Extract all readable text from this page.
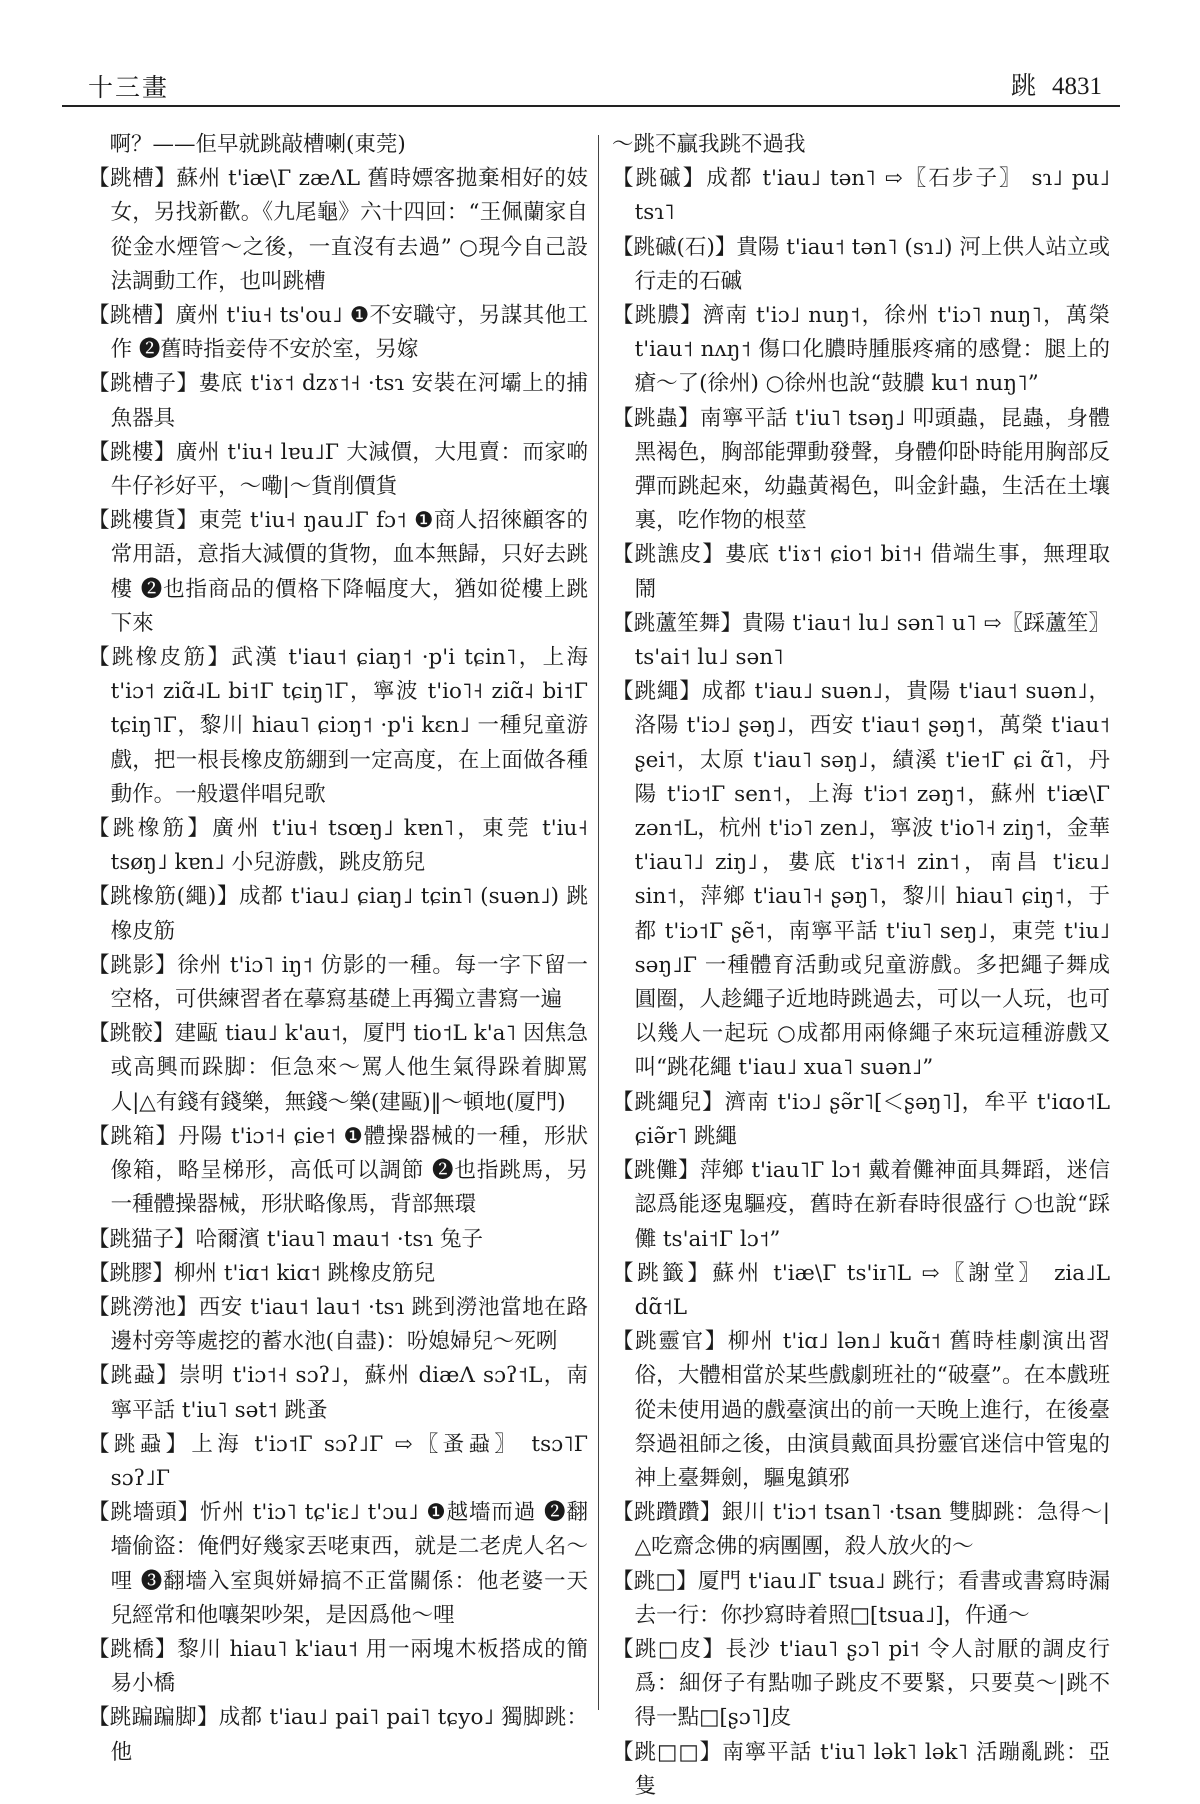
十三畫	跳 4831

　啊？——佢早就跳敲槽喇(東莞)

【跳槽】蘇州 t'iæ\Г zæɅL 舊時嫖客拋棄相好的妓女，另找新歡。《九尾龜》六十四回：“王佩蘭家自從金水煙管～之後，一直沒有去過” ○現今自己設法調動工作，也叫跳槽

【跳槽】廣州 t'iu˧ ts'ou˩ ❶不安職守，另謀其他工作 ❷舊時指妾侍不安於室，另嫁

【跳槽子】婁底 t'iɤ˦ dzɤ˦˧ ·tsɿ 安裝在河壩上的捕魚器具

【跳樓】廣州 t'iu˧ lɐu˩Г 大減價，大甩賣：而家啲牛仔衫好平，～嘞|～貨削價貨

【跳樓貨】東莞 t'iu˧ ŋau˩Г fɔ˦ ❶商人招徠顧客的常用語，意指大減價的貨物，血本無歸，只好去跳樓 ❷也指商品的價格下降幅度大，猶如從樓上跳下來

【跳橡皮筋】武漢 t'iau˦ ɕiaŋ˦ ·p'i tɕin˥，上海 t'iɔ˦ ziɑ̃˨L bi˦Г tɕiŋ˥Г，寧波 t'io˥˧ ziɑ̃˨ bi˦Г tɕiŋ˥Г，黎川 hiau˥ ɕiɔŋ˦ ·p'i kɛn˩ 一種兒童游戲，把一根長橡皮筋綳到一定高度，在上面做各種動作。一般還伴唱兒歌

【跳橡筋】廣州 t'iu˧ tsœŋ˩ kɐn˥，東莞 t'iu˧ tsøŋ˩ kɐn˩ 小兒游戲，跳皮筋兒

【跳橡筋(繩)】成都 t'iau˩ ɕiaŋ˩ tɕin˥ (suən˩) 跳橡皮筋

【跳影】徐州 t'iɔ˥ iŋ˦ 仿影的一種。每一字下留一空格，可供練習者在摹寫基礎上再獨立書寫一遍

【跳骹】建甌 tiau˩ k'au˦，厦門 tio˦L k'a˥ 因焦急或高興而跺脚：佢急來～罵人他生氣得跺着脚罵人|△有錢有錢樂，無錢～樂(建甌)‖～頓地(厦門)

【跳箱】丹陽 t'iɔ˦˧ ɕie˦ ❶體操器械的一種，形狀像箱，略呈梯形，高低可以調節 ❷也指跳馬，另一種體操器械，形狀略像馬，背部無環

【跳猫子】哈爾濱 t'iau˥ mau˦ ·tsɿ 兔子

【跳膠】柳州 t'iɑ˦ kiɑ˦ 跳橡皮筋兒

【跳澇池】西安 t'iau˦ lau˦ ·tsɿ 跳到澇池當地在路邊村旁等處挖的蓄水池(自盡)：吩媳婦兒～死咧

【跳蝨】崇明 t'iɔ˦˧ sɔʔ˩，蘇州 diæɅ sɔʔ˦L，南寧平話 t'iu˥ sət˦ 跳蚤

【跳蝨】上海 t'iɔ˦Г sɔʔ˩Г ⇨〖蚤蝨〗 tsɔ˥Г sɔʔ˩Г

【跳墻頭】忻州 t'iɔ˥ tɕ'iɛ˩ t'ɔu˩ ❶越墻而過 ❷翻墻偷盜：俺們好幾家丟咾東西，就是二老虎人名～哩 ❸翻墻入室與姘婦搞不正當關係：他老婆一天兒經常和他嚷架吵架，是因爲他～哩

【跳橋】黎川 hiau˥ k'iau˦ 用一兩塊木板搭成的簡易小橋

【跳蹁蹁脚】成都 t'iau˩ pai˥ pai˥ tɕyo˩ 獨脚跳：他

～跳不贏我跳不過我

【跳磩】成都 t'iau˩ tən˥ ⇨〖石步子〗 sɿ˩ pu˩ tsɿ˥

【跳磩(石)】貴陽 t'iau˦ tən˥ (sɿ˩) 河上供人站立或行走的石磩

【跳膿】濟南 t'iɔ˩ nuŋ˦，徐州 t'iɔ˥ nuŋ˥，萬榮 t'iau˦ nʌŋ˦ 傷口化膿時腫脹疼痛的感覺：腿上的瘡～了(徐州) ○徐州也說“鼓膿 ku˦ nuŋ˥”

【跳蟲】南寧平話 t'iu˥ tsəŋ˩ 叩頭蟲，昆蟲，身體黑褐色，胸部能彈動發聲，身體仰卧時能用胸部反彈而跳起來，幼蟲黃褐色，叫金針蟲，生活在土壤裏，吃作物的根莖

【跳譙皮】婁底 t'iɤ˦ ɕio˦ bi˦˧ 借端生事，無理取鬧

【跳蘆笙舞】貴陽 t'iau˦ lu˩ sən˥ u˥ ⇨〖踩蘆笙〗 ts'ai˦ lu˩ sən˥

【跳繩】成都 t'iau˩ suən˩，貴陽 t'iau˦ suən˩，洛陽 t'iɔ˩ ʂəŋ˩，西安 t'iau˦ ʂəŋ˦，萬榮 t'iau˦ ʂei˦，太原 t'iau˥ səŋ˩，績溪 t'ie˦Г ɕi ɑ̃˥，丹陽 t'iɔ˦Г sen˦，上海 t'iɔ˦ zəŋ˦，蘇州 t'iæ\Г zən˦L，杭州 t'iɔ˥ zen˩，寧波 t'io˥˧ ziŋ˦，金華 t'iau˥˩ ziŋ˩，婁底 t'iɤ˦˧ zin˦，南昌 t'iɛu˩ sin˦，萍鄉 t'iau˥˧ ʂəŋ˥，黎川 hiau˥ ɕiŋ˦，于都 t'iɔ˦Г ʂẽ˦，南寧平話 t'iu˥ seŋ˩，東莞 t'iu˩ səŋ˩Г 一種體育活動或兒童游戲。多把繩子舞成圓圈，人趁繩子近地時跳過去，可以一人玩，也可以幾人一起玩 ○成都用兩條繩子來玩這種游戲又叫“跳花繩 t'iau˩ xua˥ suən˩”

【跳繩兒】濟南 t'iɔ˩ ʂə̃r˥[＜ʂəŋ˥]，牟平 t'iɑo˦L ɕiə̃r˥ 跳繩

【跳儺】萍鄉 t'iau˥Г lɔ˦ 戴着儺神面具舞蹈，迷信認爲能逐鬼驅疫，舊時在新春時很盛行 ○也說“踩儺 ts'ai˦Г lɔ˦”

【跳籤】蘇州 t'iæ\Г ts'iɪ˥L ⇨〖謝堂〗 zia˩L dɑ̃˦L

【跳靈官】柳州 t'iɑ˩ lən˩ kuɑ̃˦ 舊時桂劇演出習俗，大體相當於某些戲劇班社的“破臺”。在本戲班從未使用過的戲臺演出的前一天晚上進行，在後臺祭過祖師之後，由演員戴面具扮靈官迷信中管鬼的神上臺舞劍，驅鬼鎮邪

【跳躦躦】銀川 t'iɔ˦ tsan˥ ·tsan 雙脚跳：急得～|△吃齋念佛的病團團，殺人放火的～

【跳□】厦門 t'iau˩Г tsua˩ 跳行；看書或書寫時漏去一行：你抄寫時着照□[tsua˩]，仵通～

【跳□皮】長沙 t'iau˥ ʂɔ˥ pi˦ 令人討厭的調皮行爲：細伢子有點咖子跳皮不要緊，只要莫～|跳不得一點□[ʂɔ˥]皮

【跳□□】南寧平話 t'iu˥ lək˥ lək˥ 活蹦亂跳：亞隻
